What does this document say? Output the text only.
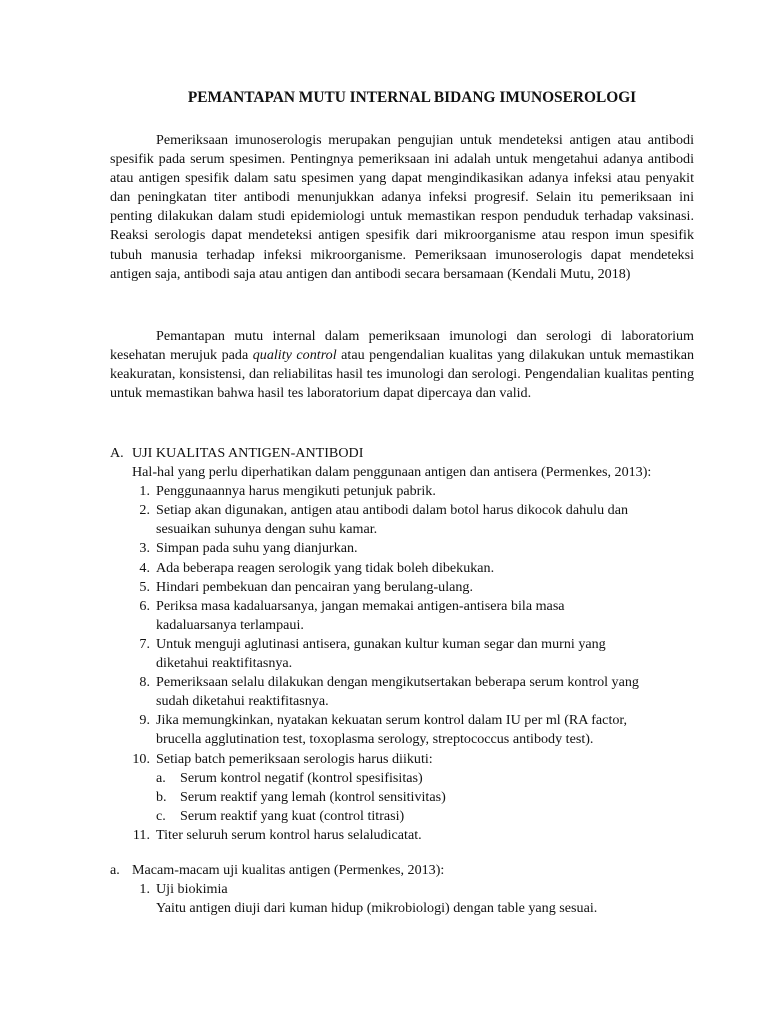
PEMANTAPAN MUTU INTERNAL BIDANG IMUNOSEROLOGI

Pemeriksaan imunoserologis merupakan pengujian untuk mendeteksi antigen atau antibodi spesifik pada serum spesimen. Pentingnya pemeriksaan ini adalah untuk mengetahui adanya antibodi atau antigen spesifik dalam satu spesimen yang dapat mengindikasikan adanya infeksi atau penyakit dan peningkatan titer antibodi menunjukkan adanya infeksi progresif. Selain itu pemeriksaan ini penting dilakukan dalam studi epidemiologi untuk memastikan respon penduduk terhadap vaksinasi. Reaksi serologis dapat mendeteksi antigen spesifik dari mikroorganisme atau respon imun spesifik tubuh manusia terhadap infeksi mikroorganisme. Pemeriksaan imunoserologis dapat mendeteksi antigen saja, antibodi saja atau antigen dan antibodi secara bersamaan (Kendali Mutu, 2018)

Pemantapan mutu internal dalam pemeriksaan imunologi dan serologi di laboratorium kesehatan merujuk pada quality control atau pengendalian kualitas yang dilakukan untuk memastikan keakuratan, konsistensi, dan reliabilitas hasil tes imunologi dan serologi. Pengendalian kualitas penting untuk memastikan bahwa hasil tes laboratorium dapat dipercaya dan valid.

A. UJI KUALITAS ANTIGEN-ANTIBODI
Hal-hal yang perlu diperhatikan dalam penggunaan antigen dan antisera (Permenkes, 2013):
1. Penggunaannya harus mengikuti petunjuk pabrik.
2. Setiap akan digunakan, antigen atau antibodi dalam botol harus dikocok dahulu dan
sesuaikan suhunya dengan suhu kamar.
3. Simpan pada suhu yang dianjurkan.
4. Ada beberapa reagen serologik yang tidak boleh dibekukan.
5. Hindari pembekuan dan pencairan yang berulang-ulang.
6. Periksa masa kadaluarsanya, jangan memakai antigen-antisera bila masa
kadaluarsanya terlampaui.
7. Untuk menguji aglutinasi antisera, gunakan kultur kuman segar dan murni yang
diketahui reaktifitasnya.
8. Pemeriksaan selalu dilakukan dengan mengikutsertakan beberapa serum kontrol yang
sudah diketahui reaktifitasnya.
9. Jika memungkinkan, nyatakan kekuatan serum kontrol dalam IU per ml (RA factor,
brucella agglutination test, toxoplasma serology, streptococcus antibody test).
10. Setiap batch pemeriksaan serologis harus diikuti:
a.	Serum kontrol negatif (kontrol spesifisitas)
b. Serum reaktif yang lemah (kontrol sensitivitas)
c.	Serum reaktif yang kuat (control titrasi)
11. Titer seluruh serum kontrol harus selaludicatat.
a. Macam-macam uji kualitas antigen (Permenkes, 2013):
1. Uji biokimia
Yaitu antigen diuji dari kuman hidup (mikrobiologi) dengan table yang sesuai.
